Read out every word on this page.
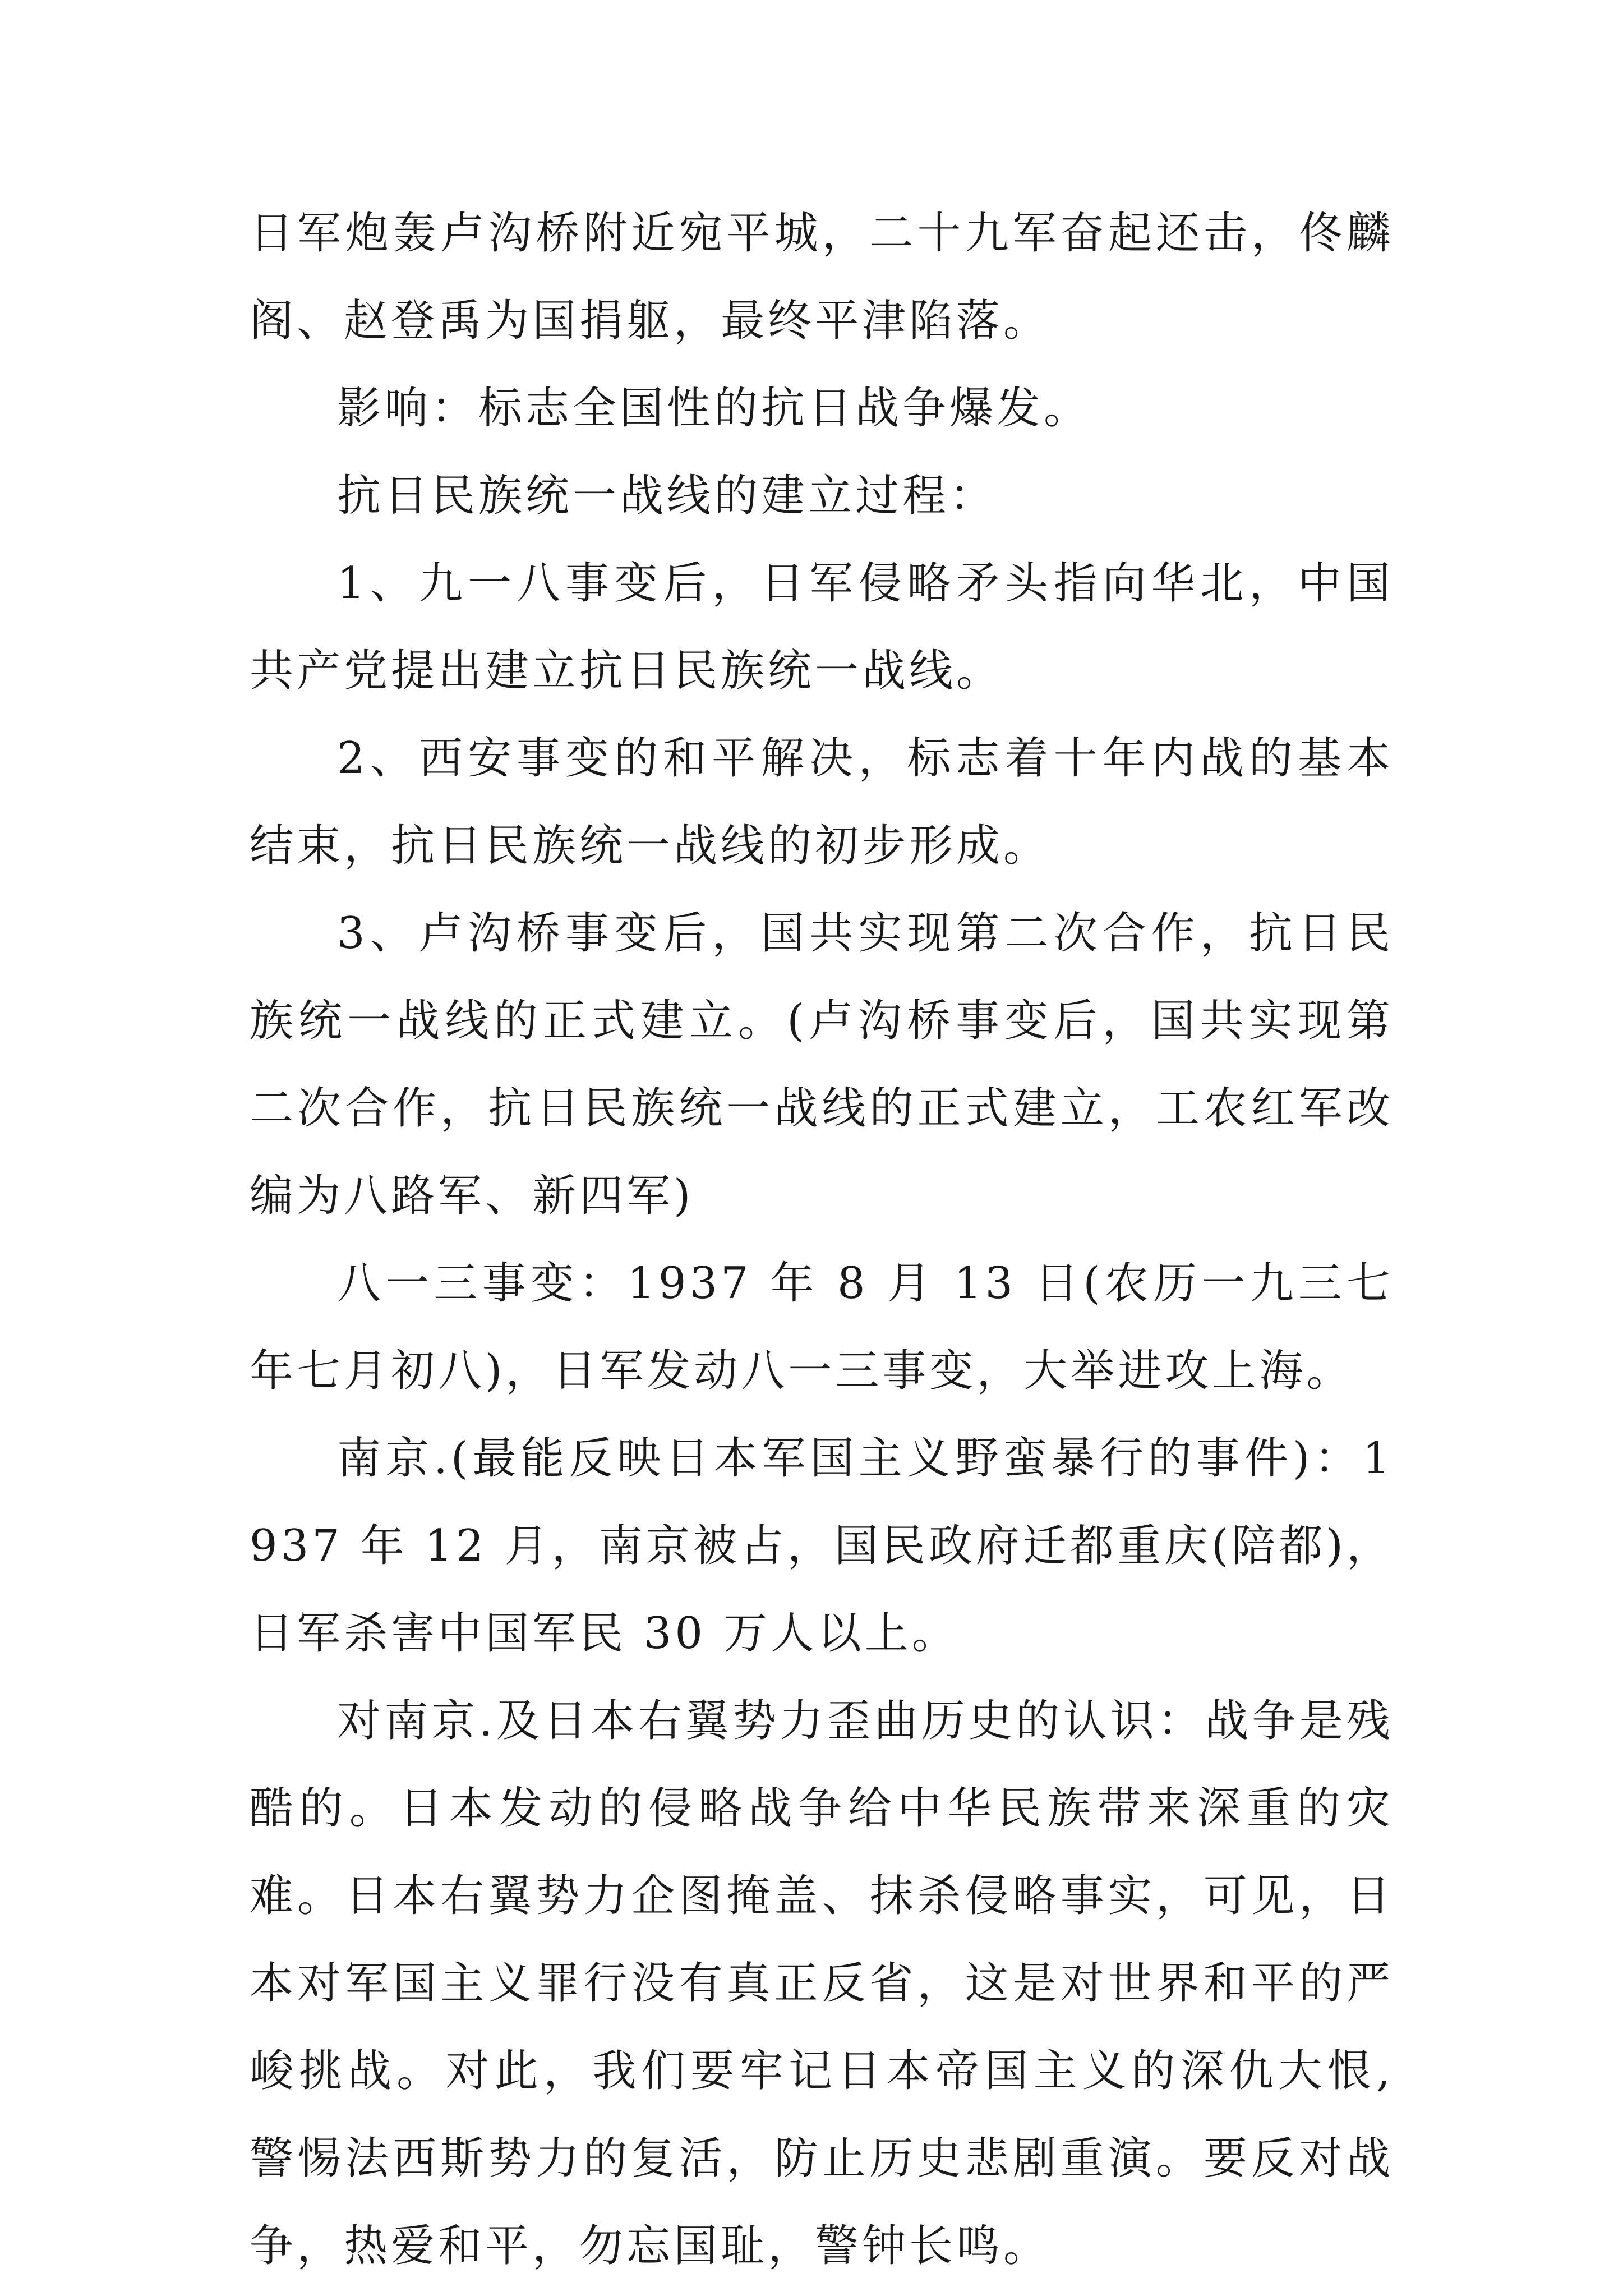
日军炮轰卢沟桥附近宛平城，二十九军奋起还击，佟麟阁、赵登禹为国捐躯，最终平津陷落。

影响：标志全国性的抗日战争爆发。

抗日民族统一战线的建立过程：

1、九一八事变后，日军侵略矛头指向华北，中国共产党提出建立抗日民族统一战线。

2、西安事变的和平解决，标志着十年内战的基本结束，抗日民族统一战线的初步形成。

3、卢沟桥事变后，国共实现第二次合作，抗日民族统一战线的正式建立。(卢沟桥事变后，国共实现第二次合作，抗日民族统一战线的正式建立，工农红军改编为八路军、新四军)

八一三事变：1937 年 8 月 13 日(农历一九三七年七月初八)，日军发动八一三事变，大举进攻上海。

南京.(最能反映日本军国主义野蛮暴行的事件)：1937 年 12 月，南京被占，国民政府迁都重庆(陪都)，日军杀害中国军民 30 万人以上。

对南京.及日本右翼势力歪曲历史的认识：战争是残酷的。日本发动的侵略战争给中华民族带来深重的灾难。日本右翼势力企图掩盖、抹杀侵略事实，可见，日本对军国主义罪行没有真正反省，这是对世界和平的严峻挑战。对此，我们要牢记日本帝国主义的深仇大恨,警惕法西斯势力的复活，防止历史悲剧重演。要反对战争，热爱和平，勿忘国耻，警钟长鸣。
